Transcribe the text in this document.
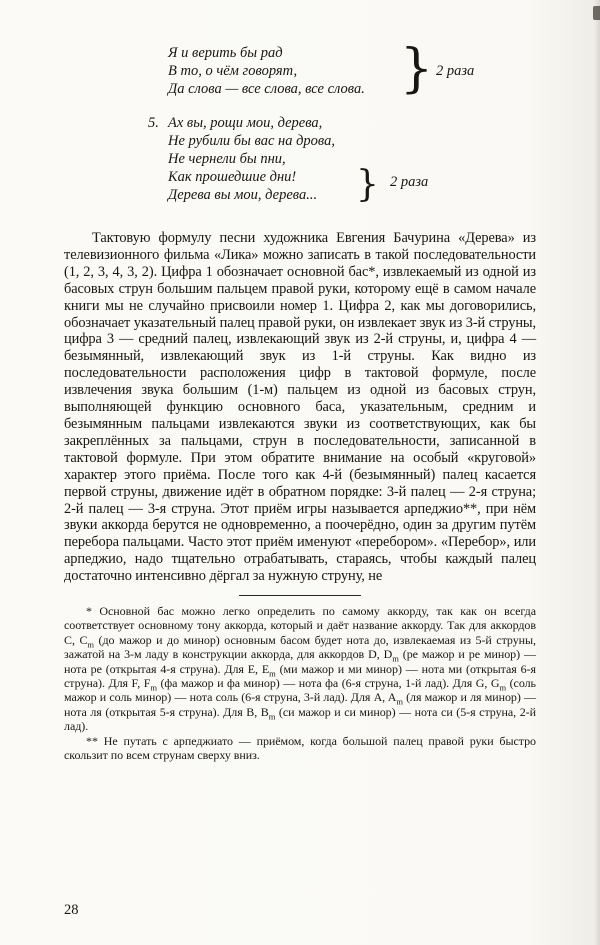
Я и верить бы рад
В то, о чём говорят,
Да слова — все слова, все слова. } 2 раза
5. Ах вы, рощи мои, дерева,
Не рубили бы вас на дрова,
Не чернели бы пни,
Как прошедшие дни!
Дерева вы мои, дерева...	} 2 раза

Тактовую формулу песни художника Евгения Бачурина «Дерева» из телевизионного фильма «Лика» можно записать в такой последовательности (1, 2, 3, 4, 3, 2). Цифра 1 обозначает основной бас*, извлекаемый из одной из басовых струн большим пальцем правой руки, которому ещё в самом начале книги мы не случайно присвоили номер 1. Цифра 2, как мы договорились, обозначает указательный палец правой руки, он извлекает звук из 3-й струны, цифра 3 — средний палец, извлекающий звук из 2-й струны, и, цифра 4 — безымянный, извлекающий звук из 1-й струны. Как видно из последовательности расположения цифр в тактовой формуле, после извлечения звука большим (1-м) пальцем из одной из басовых струн, выполняющей функцию основного баса, указательным, средним и безымянным пальцами извлекаются звуки из соответствующих, как бы закреплённых за пальцами, струн в последовательности, записанной в тактовой формуле. При этом обратите внимание на особый «круговой» характер этого приёма. После того как 4-й (безымянный) палец касается первой струны, движение идёт в обратном порядке: 3-й палец — 2-я струна; 2-й палец — 3-я струна. Этот приём игры называется арпеджио**, при нём звуки аккорда берутся не одновременно, а поочерёдно, один за другим путём перебора пальцами. Часто этот приём именуют «перебором». «Перебор», или арпеджио, надо тщательно отрабатывать, стараясь, чтобы каждый палец достаточно интенсивно дёргал за нужную струну, не

* Основной бас можно легко определить по самому аккорду, так как он всегда соответствует основному тону аккорда, который и даёт название аккорду. Так для аккордов C, $C_m$ (до мажор и до минор) основным басом будет нота до, извлекаемая из 5-й струны, зажатой на 3-м ладу в конструкции аккорда, для аккордов D, $D_m$ (ре мажор и ре минор) — нота ре (открытая 4-я струна). Для E, $E_m$ (ми мажор и ми минор) — нота ми (открытая 6-я струна). Для F, $F_m$ (фа мажор и фа минор) — нота фа (6-я струна, 1-й лад). Для G, $G_m$ (соль мажор и соль минор) — нота соль (6-я струна, 3-й лад). Для A, $A_m$ (ля мажор и ля минор) — нота ля (открытая 5-я струна). Для B, $B_m$ (си мажор и си минор) — нота си (5-я струна, 2-й лад).

** Не путать с арпеджиато — приёмом, когда большой палец правой руки быстро скользит по всем струнам сверху вниз.

28
